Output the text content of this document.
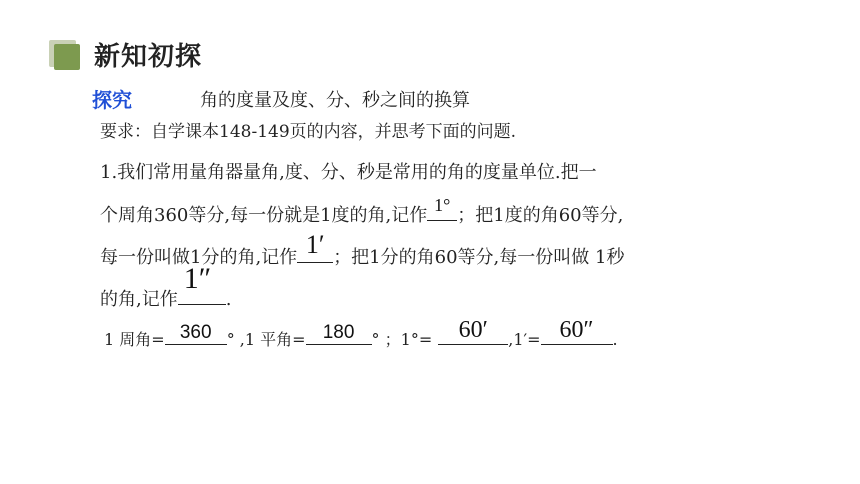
新知初探
探究	角的度量及度、分、秒之间的换算
要求：自学课本148-149页的内容，并思考下面的问题.
1.我们常用量角器量角,度、分、秒是常用的角的度量单位.把一
个周角360等分,每一份就是1度的角,记作 1° ；把1度的角60等分,
每一份叫做1分的角,记作 1′ ；把1分的角60等分,每一份叫做 1秒
的角,记作
1″
.
1 周角= 360 ° ,1 平角= 180	° ；1°=	60′	,1′= 60″	.
